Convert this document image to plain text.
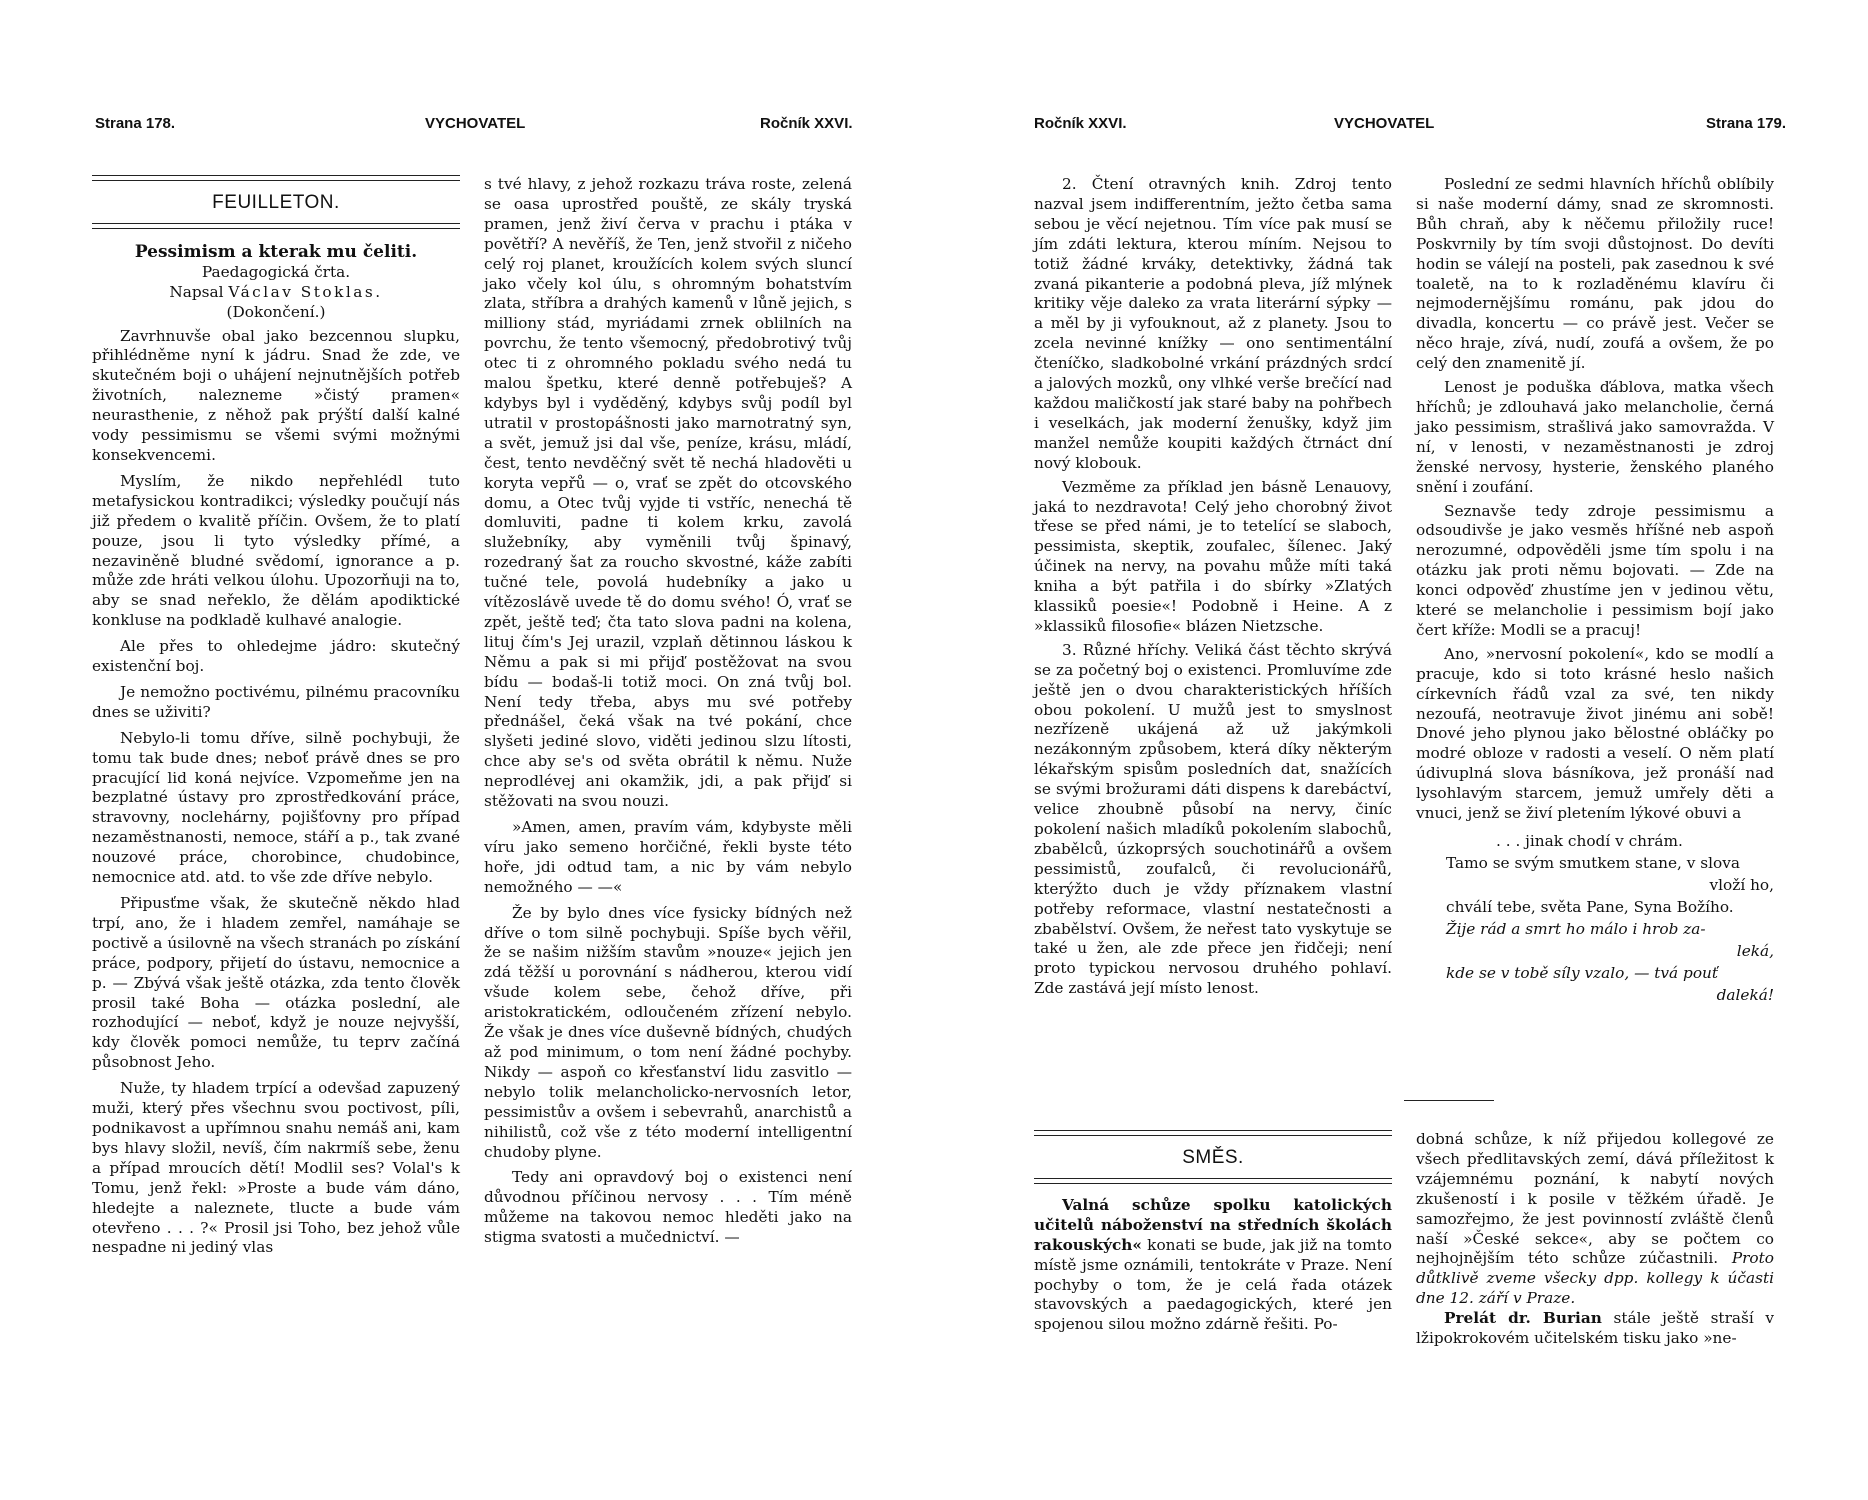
Strana 178.	VYCHOVATEL	Ročník XXVI.
FEUILLETON.
Pessimism a kterak mu čeliti.
Paedagogická črta.
Napsal Václav Stoklas.
(Dokončení.)

Zavrhnuvše obal jako bezcennou slupku, přihlédněme nyní k jádru. Snad že zde, ve skutečném boji o uhájení nejnutnějších potřeb životních, nalezneme »čistý pramen« neurasthenie, z něhož pak prýští další kalné vody pessimismu se všemi svými možnými konsekvencemi.

Myslím, že nikdo nepřehlédl tuto metafysickou kontradikci; výsledky poučují nás již předem o kvalitě příčin. Ovšem, že to platí pouze, jsou li tyto výsledky přímé, a nezaviněně bludné svědomí, ignorance a p. může zde hráti velkou úlohu. Upozorňuji na to, aby se snad neřeklo, že dělám apodiktické konkluse na podkladě kulhavé analogie.

Ale přes to ohledejme jádro: skutečný existenční boj.

Je nemožno poctivému, pilnému pracovníku dnes se uživiti?

Nebylo-li tomu dříve, silně pochybuji, že tomu tak bude dnes; neboť právě dnes se pro pracující lid koná nejvíce. Vzpomeňme jen na bezplatné ústavy pro zprostředkování práce, stravovny, noclehárny, pojišťovny pro případ nezaměstnanosti, nemoce, stáří a p., tak zvané nouzové práce, chorobince, chudobince, nemocnice atd. atd. to vše zde dříve nebylo.

Připusťme však, že skutečně někdo hlad trpí, ano, že i hladem zemřel, namáhaje se poctivě a úsilovně na všech stranách po získání práce, podpory, přijetí do ústavu, nemocnice a p. — Zbývá však ještě otázka, zda tento člověk prosil také Boha — otázka poslední, ale rozhodující — neboť, když je nouze nejvyšší, kdy člověk pomoci nemůže, tu teprv začíná působnost Jeho.

Nuže, ty hladem trpící a odevšad zapuzený muži, který přes všechnu svou poctivost, píli, podnikavost a upřímnou snahu nemáš ani, kam bys hlavy složil, nevíš, čím nakrmíš sebe, ženu a případ mroucích dětí! Modlil ses? Volal's k Tomu, jenž řekl: »Proste a bude vám dáno, hledejte a naleznete, tlucte a bude vám otevřeno . . . ?« Prosil jsi Toho, bez jehož vůle nespadne ni jediný vlas

s tvé hlavy, z jehož rozkazu tráva roste, zelená se oasa uprostřed pouště, ze skály tryská pramen, jenž živí červa v prachu i ptáka v povětří? A nevěříš, že Ten, jenž stvořil z ničeho celý roj planet, kroužících kolem svých sluncí jako včely kol úlu, s ohromným bohatstvím zlata, stříbra a drahých kamenů v lůně jejich, s milliony stád, myriádami zrnek oblilních na povrchu, že tento všemocný, předobrotivý tvůj otec ti z ohromného pokladu svého nedá tu malou špetku, které denně potřebuješ? A kdybys byl i vyděděný, kdybys svůj podíl byl utratil v prostopášnosti jako marnotratný syn, a svět, jemuž jsi dal vše, peníze, krásu, mládí, čest, tento nevděčný svět tě nechá hladověti u koryta vepřů — o, vrať se zpět do otcovského domu, a Otec tvůj vyjde ti vstříc, nenechá tě domluviti, padne ti kolem krku, zavolá služebníky, aby vyměnili tvůj špinavý, rozedraný šat za roucho skvostné, káže zabíti tučné tele, povolá hudebníky a jako u vítězoslávě uvede tě do domu svého! Ó, vrať se zpět, ještě teď; čta tato slova padni na kolena, lituj čím's Jej urazil, vzplaň dětinnou láskou k Němu a pak si mi přijď postěžovat na svou bídu — bodaš-li totiž moci. On zná tvůj bol. Není tedy třeba, abys mu své potřeby přednášel, čeká však na tvé pokání, chce slyšeti jediné slovo, viděti jedinou slzu lítosti, chce aby se's od světa obrátil k němu. Nuže neprodlévej ani okamžik, jdi, a pak přijď si stěžovati na svou nouzi.

»Amen, amen, pravím vám, kdybyste měli víru jako semeno horčičné, řekli byste této hoře, jdi odtud tam, a nic by vám nebylo nemožného — —«

Že by bylo dnes více fysicky bídných než dříve o tom silně pochybuji. Spíše bych věřil, že se našim nižším stavům »nouze« jejich jen zdá těžší u porovnání s nádherou, kterou vidí všude kolem sebe, čehož dříve, při aristokratickém, odloučeném zřízení nebylo. Že však je dnes více duševně bídných, chudých až pod minimum, o tom není žádné pochyby. Nikdy — aspoň co křesťanství lidu zasvitlo — nebylo tolik melancholicko-nervosních letor, pessimistův a ovšem i sebevrahů, anarchistů a nihilistů, což vše z této moderní intelligentní chudoby plyne.

Tedy ani opravdový boj o existenci není důvodnou příčinou nervosy . . . Tím méně můžeme na takovou nemoc hleděti jako na stigma svatosti a mučednictví. —

Ročník XXVI.	VYCHOVATEL	Strana 179.

2. Čtení otravných knih. Zdroj tento nazval jsem indifferentním, ježto četba sama sebou je věcí nejetnou. Tím více pak musí se jím zdáti lektura, kterou míním. Nejsou to totiž žádné krváky, detektivky, žádná tak zvaná pikanterie a podobná pleva, jíž mlýnek kritiky věje daleko za vrata literární sýpky — a měl by ji vyfouknout, až z planety. Jsou to zcela nevinné knížky — ono sentimentální čteníčko, sladkobolné vrkání prázdných srdcí a jalových mozků, ony vlhké verše brečící nad každou maličkostí jak staré baby na pohřbech i veselkách, jak moderní ženušky, když jim manžel nemůže koupiti každých čtrnáct dní nový klobouk.

Vezměme za příklad jen básně Lenauovy, jaká to nezdravota! Celý jeho chorobný život třese se před námi, je to tetelící se slaboch, pessimista, skeptik, zoufalec, šílenec. Jaký účinek na nervy, na povahu může míti taká kniha a být patřila i do sbírky »Zlatých klassiků poesie«! Podobně i Heine. A z »klassiků filosofie« blázen Nietzsche.

3. Různé hříchy. Veliká část těchto skrývá se za početný boj o existenci. Promluvíme zde ještě jen o dvou charakteristických hříších obou pokolení. U mužů jest to smyslnost nezřízeně ukájená až už jakýmkoli nezákonným způsobem, která díky některým lékařským spisům posledních dat, snažících se svými brožurami dáti dispens k darebáctví, velice zhoubně působí na nervy, činíc pokolení našich mladíků pokolením slabochů, zbabělců, úzkoprsých souchotinářů a ovšem pessimistů, zoufalců, či revolucionářů, kterýžto duch je vždy příznakem vlastní potřeby reformace, vlastní nestatečnosti a zbabělství. Ovšem, že neřest tato vyskytuje se také u žen, ale zde přece jen řidčeji; není proto typickou nervosou druhého pohlaví. Zde zastává její místo lenost.

Poslední ze sedmi hlavních hříchů oblíbily si naše moderní dámy, snad ze skromnosti. Bůh chraň, aby k něčemu přiložily ruce! Poskvrnily by tím svoji důstojnost. Do devíti hodin se válejí na posteli, pak zasednou k své toaletě, na to k rozladěnému klavíru či nejmodernějšímu románu, pak jdou do divadla, koncertu — co právě jest. Večer se něco hraje, zívá, nudí, zoufá a ovšem, že po celý den znamenitě jí.

Lenost je poduška ďáblova, matka všech hříchů; je zdlouhavá jako melancholie, černá jako pessimism, strašlivá jako samovražda. V ní, v lenosti, v nezaměstnanosti je zdroj ženské nervosy, hysterie, ženského planého snění i zoufání.

Seznavše tedy zdroje pessimismu a odsoudivše je jako vesměs hříšné neb aspoň nerozumné, odpověděli jsme tím spolu i na otázku jak proti němu bojovati. — Zde na konci odpověď zhustíme jen v jedinou větu, které se melancholie i pessimism bojí jako čert kříže: Modli se a pracuj!

Ano, »nervosní pokolení«, kdo se modlí a pracuje, kdo si toto krásné heslo našich církevních řádů vzal za své, ten nikdy nezoufá, neotravuje život jinému ani sobě! Dnové jeho plynou jako bělostné obláčky po modré obloze v radosti a veselí. O něm platí údivuplná slova básníkova, jež pronáší nad lysohlavým starcem, jemuž umřely děti a vnuci, jenž se živí pletením lýkové obuvi a

. . . jinak chodí v chrám.

Tamo se svým smutkem stane, v slova

vloží ho,

chválí tebe, světa Pane, Syna Božího.

Žije rád a smrt ho málo i hrob za-

leká,

kde se v tobě síly vzalo, — tvá pouť

daleká!

SMĚS.

Valná schůze spolku katolických učitelů náboženství na středních školách rakouských« konati se bude, jak již na tomto místě jsme oznámili, tentokráte v Praze. Není pochyby o tom, že je celá řada otázek stavovských a paedagogických, které jen spojenou silou možno zdárně řešiti. Po-

dobná schůze, k níž přijedou kollegové ze všech předlitavských zemí, dává příležitost k vzájemnému poznání, k nabytí nových zkušeností i k posile v těžkém úřadě. Je samozřejmo, že jest povinností zvláště členů naší »České sekce«, aby se počtem co nejhojnějším této schůze zúčastnili. Proto důtklivě zveme všecky dpp. kollegy k účasti dne 12. září v Praze.

Prelát dr. Burian stále ještě straší v lžipokrokovém učitelském tisku jako »ne-
